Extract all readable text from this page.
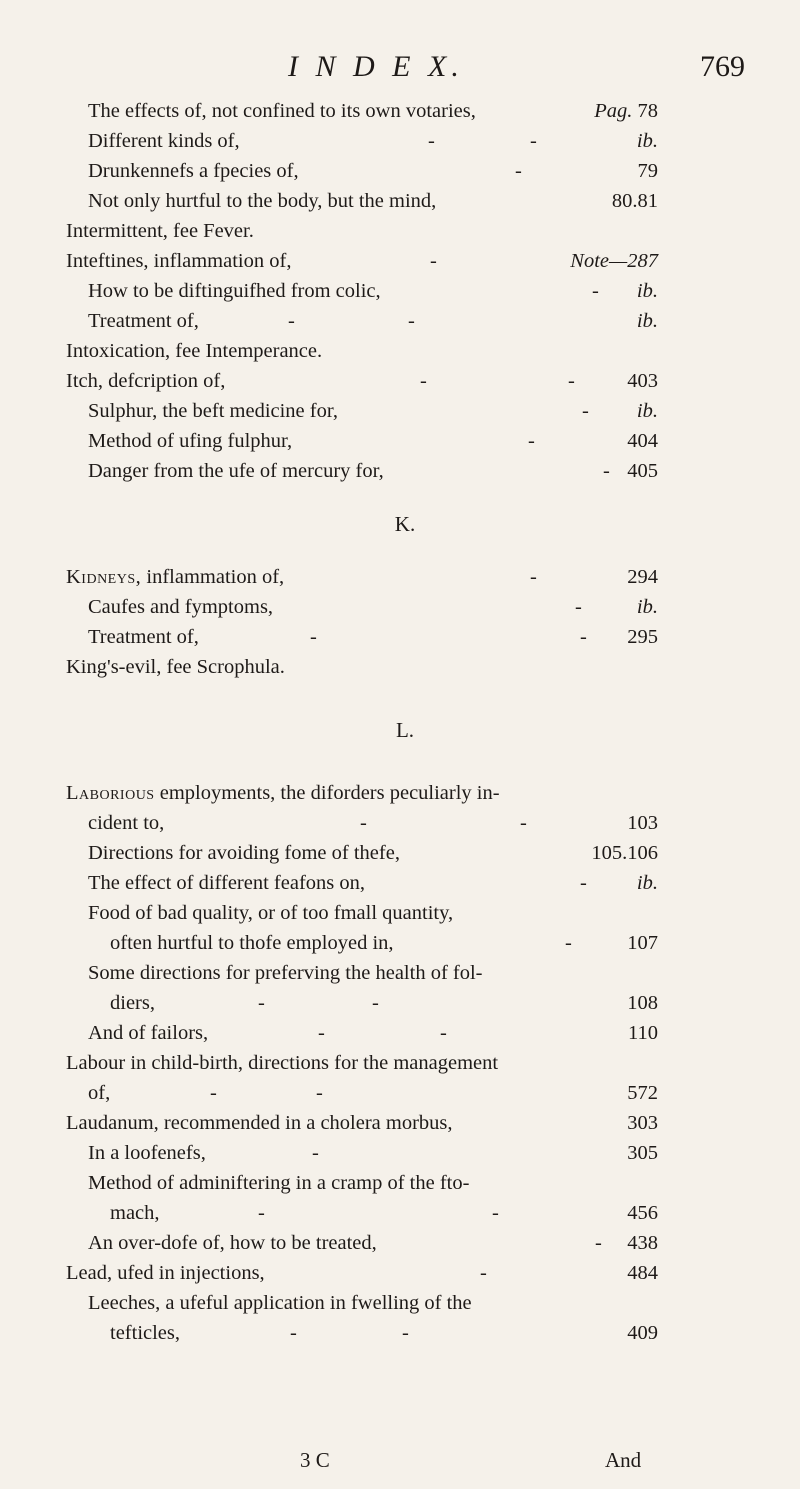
I N D E X.	769
The effects of, not confined to its own votaries,	Pag. 78
Different kinds of,	-	-	ib.
Drunkennefs a fpecies of,	-	79
Not only hurtful to the body, but the mind,	80.81
Intermittent, fee Fever.
Inteftines, inflammation of,	-	Note—287
How to be diftinguifhed from colic,	- ib.
Treatment of,	-	-	ib.
Intoxication, fee Intemperance.
Itch, defcription of,	-	-	403
Sulphur, the beft medicine for,	- ib.
Method of ufing fulphur,	-	404
Danger from the ufe of mercury for,	- 405
K.
Kidneys, inflammation of,	-	294
Caufes and fymptoms,	-	ib.
Treatment of,	-	- 295
King's-evil, fee Scrophula.
L.
Laborious employments, the diforders peculiarly in-
cident to,	-	-	103
Directions for avoiding fome of thefe,	105.106
The effect of different feafons on,	- ib.
Food of bad quality, or of too fmall quantity,
often hurtful to thofe employed in,	-	107
Some directions for preferving the health of fol-
diers,	-	-	108
And of failors,	-	-	110
Labour in child-birth, directions for the management
of,	-	-	572
Laudanum, recommended in a cholera morbus,	303
In a loofenefs,	-	305
Method of adminiftering in a cramp of the fto-
mach,	-	-	456
An over-dofe of, how to be treated,	- 438
Lead, ufed in injections,	-	484
Leeches, a ufeful application in fwelling of the
tefticles,	-	-	409
3 C	And
